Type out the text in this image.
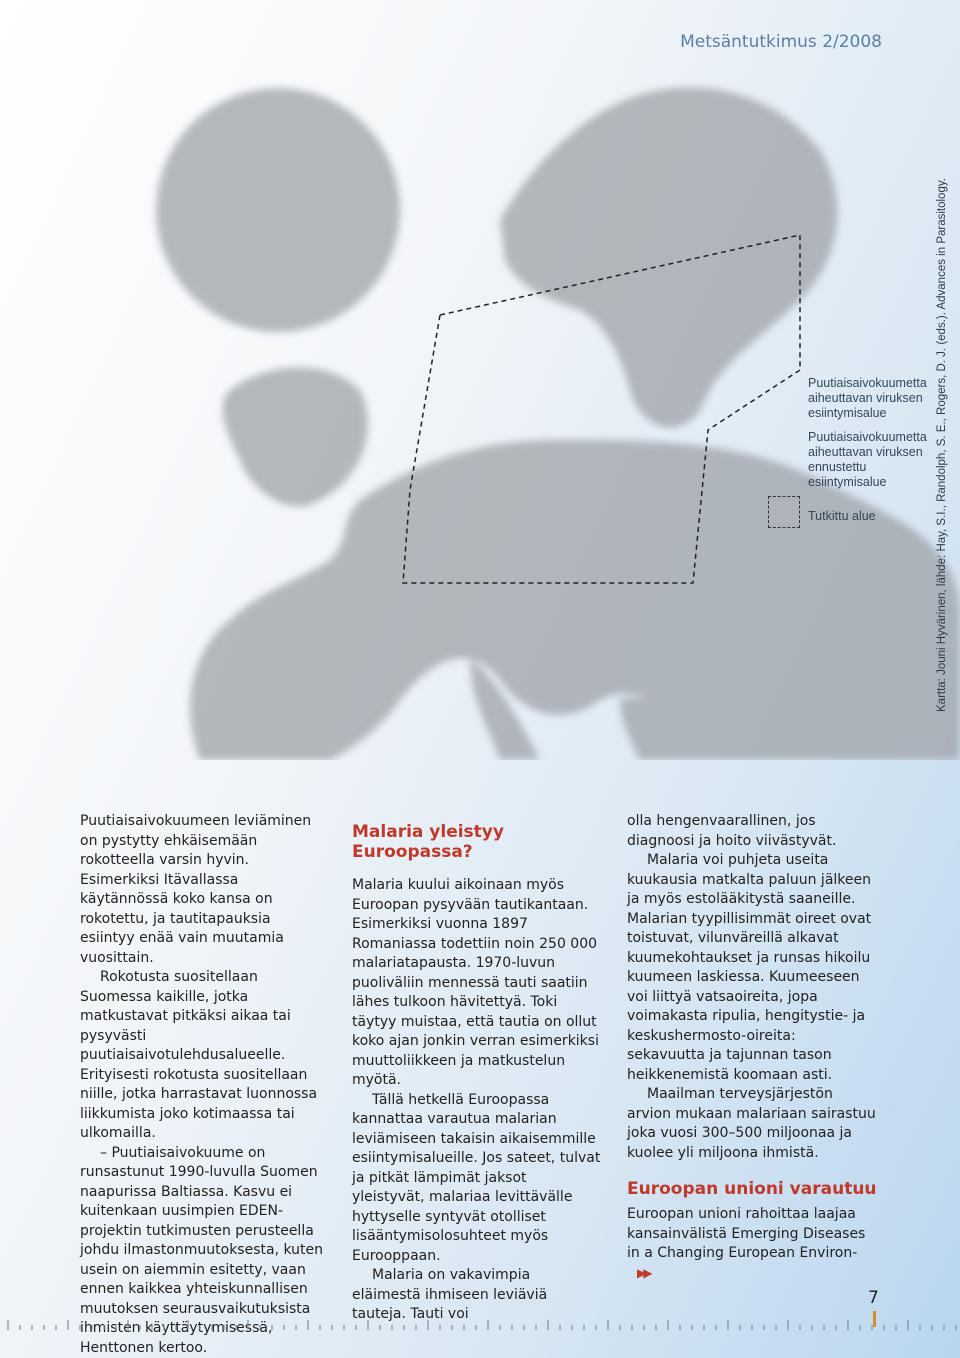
Metsäntutkimus 2/2008
Puutiaisaivokuumetta aiheuttavan viruksen esiintymisalue
Puutiaisaivokuumetta aiheuttavan viruksen ennustettu esiintymisalue
Tutkittu alue	Kartta: Jouni Hyvärinen, lähde: Hay, S.I., Randolph, S. E., Rogers, D. J. (eds.). Advances in Parasitology.

Puutiaisaivokuumeen leviäminen on pystytty ehkäisemään rokotteella varsin hyvin. Esimerkiksi Itävallassa käytännössä koko kansa on rokotettu, ja tautitapauksia esiintyy enää vain muutamia vuosittain.

Rokotusta suositellaan Suomessa kaikille, jotka matkustavat pitkäksi aikaa tai pysyvästi puutiaisaivotulehdusalueelle. Erityisesti rokotusta suositellaan niille, jotka harrastavat luonnossa liikkumista joko kotimaassa tai ulkomailla.

– Puutiaisaivokuume on runsastunut 1990-luvulla Suomen naapurissa Baltiassa. Kasvu ei kuitenkaan uusimpien EDEN-projektin tutkimusten perusteella johdu ilmastonmuutoksesta, kuten usein on aiemmin esitetty, vaan ennen kaikkea yhteiskunnallisen muutoksen seurausvaikutuksista ihmisten käyttäytymisessä, Henttonen kertoo.

Malaria yleistyy Euroopassa?

Malaria kuului aikoinaan myös Euroopan pysyvään tautikantaan. Esimerkiksi vuonna 1897 Romaniassa todettiin noin 250 000 malariatapausta. 1970-luvun puoliväliin mennessä tauti saatiin lähes tulkoon hävitettyä. Toki täytyy muistaa, että tautia on ollut koko ajan jonkin verran esimerkiksi muuttoliikkeen ja matkustelun myötä.

Tällä hetkellä Euroopassa kannattaa varautua malarian leviämiseen takaisin aikaisemmille esiintymisalueille. Jos sateet, tulvat ja pitkät lämpimät jaksot yleistyvät, malariaa levittävälle hyttyselle syntyvät otolliset lisääntymisolosuhteet myös Eurooppaan.

Malaria on vakavimpia eläimestä ihmiseen leviäviä tauteja. Tauti voi

olla hengenvaarallinen, jos diagnoosi ja hoito viivästyvät.

Malaria voi puhjeta useita kuukausia matkalta paluun jälkeen ja myös estolääkitystä saaneille. Malarian tyypillisimmät oireet ovat toistuvat, vilunväreillä alkavat kuumekohtaukset ja runsas hikoilu kuumeen laskiessa. Kuumeeseen voi liittyä vatsaoireita, jopa voimakasta ripulia, hengitystie- ja keskushermosto-oireita: sekavuutta ja tajunnan tason heikkenemistä koomaan asti.

Maailman terveysjärjestön arvion mukaan malariaan sairastuu joka vuosi 300–500 miljoonaa ja kuolee yli miljoona ihmistä.

Euroopan unioni varautuu

Euroopan unioni rahoittaa laajaa kansainvälistä Emerging Diseases in a Changing European Environ-▶▶

7
